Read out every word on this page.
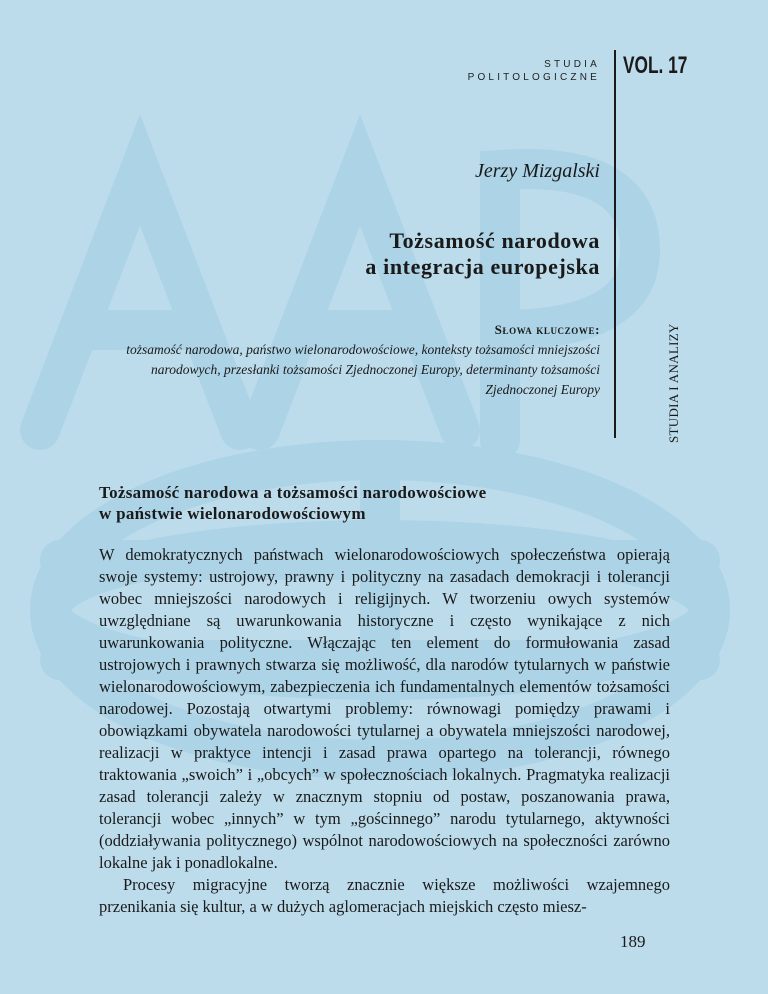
STUDIA
POLITOLOGICZNE VOL. 17
STUDIA I ANALIZY
Jerzy Mizgalski
Tożsamość narodowa
a integracja europejska
Słowa kluczowe:
tożsamość narodowa, państwo wielonarodowościowe, konteksty tożsamości mniejszości narodowych, przesłanki tożsamości Zjednoczonej Europy, determinanty tożsamości Zjednoczonej Europy
Tożsamość narodowa a tożsamości narodowościowe
w państwie wielonarodowościowym

W demokratycznych państwach wielonarodowościowych społeczeństwa opierają swoje systemy: ustrojowy, prawny i polityczny na zasadach demokracji i tolerancji wobec mniejszości narodowych i religijnych. W tworzeniu owych systemów uwzględniane są uwarunkowania historyczne i często wynikające z nich uwarunkowania polityczne. Włączając ten element do formułowania zasad ustrojowych i prawnych stwarza się możliwość, dla narodów tytularnych w państwie wielonarodowościowym, zabezpieczenia ich fundamentalnych elementów tożsamości narodowej. Pozostają otwartymi problemy: równowagi pomiędzy prawami i obowiązkami obywatela narodowości tytularnej a obywatela mniejszości narodowej, realizacji w praktyce intencji i zasad prawa opartego na tolerancji, równego traktowania „swoich” i „obcych” w społecznościach lokalnych. Pragmatyka realizacji zasad tolerancji zależy w znacznym stopniu od postaw, poszanowania prawa, tolerancji wobec „innych” w tym „gościnnego” narodu tytularnego, aktywności (oddziaływania politycznego) wspólnot narodowościowych na społeczności zarówno lokalne jak i ponadlokalne.

Procesy migracyjne tworzą znacznie większe możliwości wzajemnego przenikania się kultur, a w dużych aglomeracjach miejskich często miesz-

189
